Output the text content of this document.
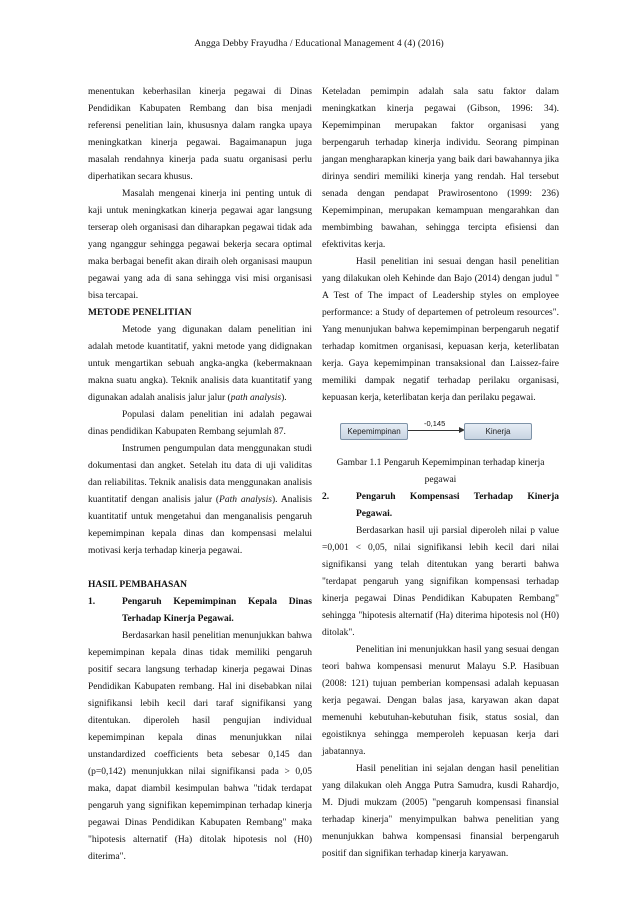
Angga Debby Frayudha / Educational Management 4 (4) (2016)

menentukan keberhasilan kinerja pegawai di Dinas Pendidikan Kabupaten Rembang dan bisa menjadi referensi penelitian lain, khususnya dalam rangka upaya meningkatkan kinerja pegawai. Bagaimanapun juga masalah rendahnya kinerja pada suatu organisasi perlu diperhatikan secara khusus.

Masalah mengenai kinerja ini penting untuk di kaji untuk meningkatkan kinerja pegawai agar langsung terserap oleh organisasi dan diharapkan pegawai tidak ada yang nganggur sehingga pegawai bekerja secara optimal maka berbagai benefit akan diraih oleh organisasi maupun pegawai yang ada di sana sehingga visi misi organisasi bisa tercapai.

METODE PENELITIAN

Metode yang digunakan dalam penelitian ini adalah metode kuantitatif, yakni metode yang didignakan untuk mengartikan sebuah angka-angka (kebermaknaan makna suatu angka). Teknik analisis data kuantitatif yang digunakan adalah analisis jalur jalur (path analysis).

Populasi dalam penelitian ini adalah pegawai dinas pendidikan Kabupaten Rembang sejumlah 87.

Instrumen pengumpulan data menggunakan studi dokumentasi dan angket. Setelah itu data di uji validitas dan reliabilitas. Teknik analisis data menggunakan analisis kuantitatif dengan analisis jalur (Path analysis). Analisis kuantitatif untuk mengetahui dan menganalisis pengaruh kepemimpinan kepala dinas dan kompensasi melalui motivasi kerja terhadap kinerja pegawai.

HASIL PEMBAHASAN

1.	Pengaruh Kepemimpinan Kepala Dinas Terhadap Kinerja Pegawai.

Berdasarkan hasil penelitian menunjukkan bahwa kepemimpinan kepala dinas tidak memiliki pengaruh positif secara langsung terhadap kinerja pegawai Dinas Pendidikan Kabupaten rembang. Hal ini disebabkan nilai signifikansi lebih kecil dari taraf signifikansi yang ditentukan. diperoleh hasil pengujian individual kepemimpinan kepala dinas menunjukkan nilai unstandardized coefficients beta sebesar 0,145 dan (p=0,142) menunjukkan nilai signifikansi pada > 0,05 maka, dapat diambil kesimpulan bahwa "tidak terdapat pengaruh yang signifikan kepemimpinan terhadap kinerja pegawai Dinas Pendidikan Kabupaten Rembang" maka "hipotesis alternatif (Ha) ditolak hipotesis nol (H0) diterima".

Keteladan pemimpin adalah sala satu faktor dalam meningkatkan kinerja pegawai (Gibson, 1996: 34). Kepemimpinan merupakan faktor organisasi yang berpengaruh terhadap kinerja individu. Seorang pimpinan jangan mengharapkan kinerja yang baik dari bawahannya jika dirinya sendiri memiliki kinerja yang rendah. Hal tersebut senada dengan pendapat Prawirosentono (1999: 236) Kepemimpinan, merupakan kemampuan mengarahkan dan membimbing bawahan, sehingga tercipta efisiensi dan efektivitas kerja.

Hasil penelitian ini sesuai dengan hasil penelitian yang dilakukan oleh Kehinde dan Bajo (2014) dengan judul " A Test of The impact of Leadership styles on employee performance: a Study of departemen of petroleum resources". Yang menunjukan bahwa kepemimpinan berpengaruh negatif terhadap komitmen organisasi, kepuasan kerja, keterlibatan kerja. Gaya kepemimpinan transaksional dan Laissez-faire memiliki dampak negatif terhadap perilaku organisasi, kepuasan kerja, keterlibatan kerja dan perilaku pegawai.

Kepemimpinan
-0,145
Kinerja

Gambar 1.1 Pengaruh Kepemimpinan terhadap kinerja pegawai

2.	Pengaruh Kompensasi Terhadap Kinerja Pegawai.

Berdasarkan hasil uji parsial diperoleh nilai p value =0,001 < 0,05, nilai signifikansi lebih kecil dari nilai signifikansi yang telah ditentukan yang berarti bahwa "terdapat pengaruh yang signifikan kompensasi terhadap kinerja pegawai Dinas Pendidikan Kabupaten Rembang" sehingga "hipotesis alternatif (Ha) diterima hipotesis nol (H0) ditolak".

Penelitian ini menunjukkan hasil yang sesuai dengan teori bahwa kompensasi menurut Malayu S.P. Hasibuan (2008: 121) tujuan pemberian kompensasi adalah kepuasan kerja pegawai. Dengan balas jasa, karyawan akan dapat memenuhi kebutuhan-kebutuhan fisik, status sosial, dan egoistiknya sehingga memperoleh kepuasan kerja dari jabatannya.

Hasil penelitian ini sejalan dengan hasil penelitian yang dilakukan oleh Angga Putra Samudra, kusdi Rahardjo, M. Djudi mukzam (2005) "pengaruh kompensasi finansial terhadap kinerja" menyimpulkan bahwa penelitian yang menunjukkan bahwa kompensasi finansial berpengaruh positif dan signifikan terhadap kinerja karyawan.
